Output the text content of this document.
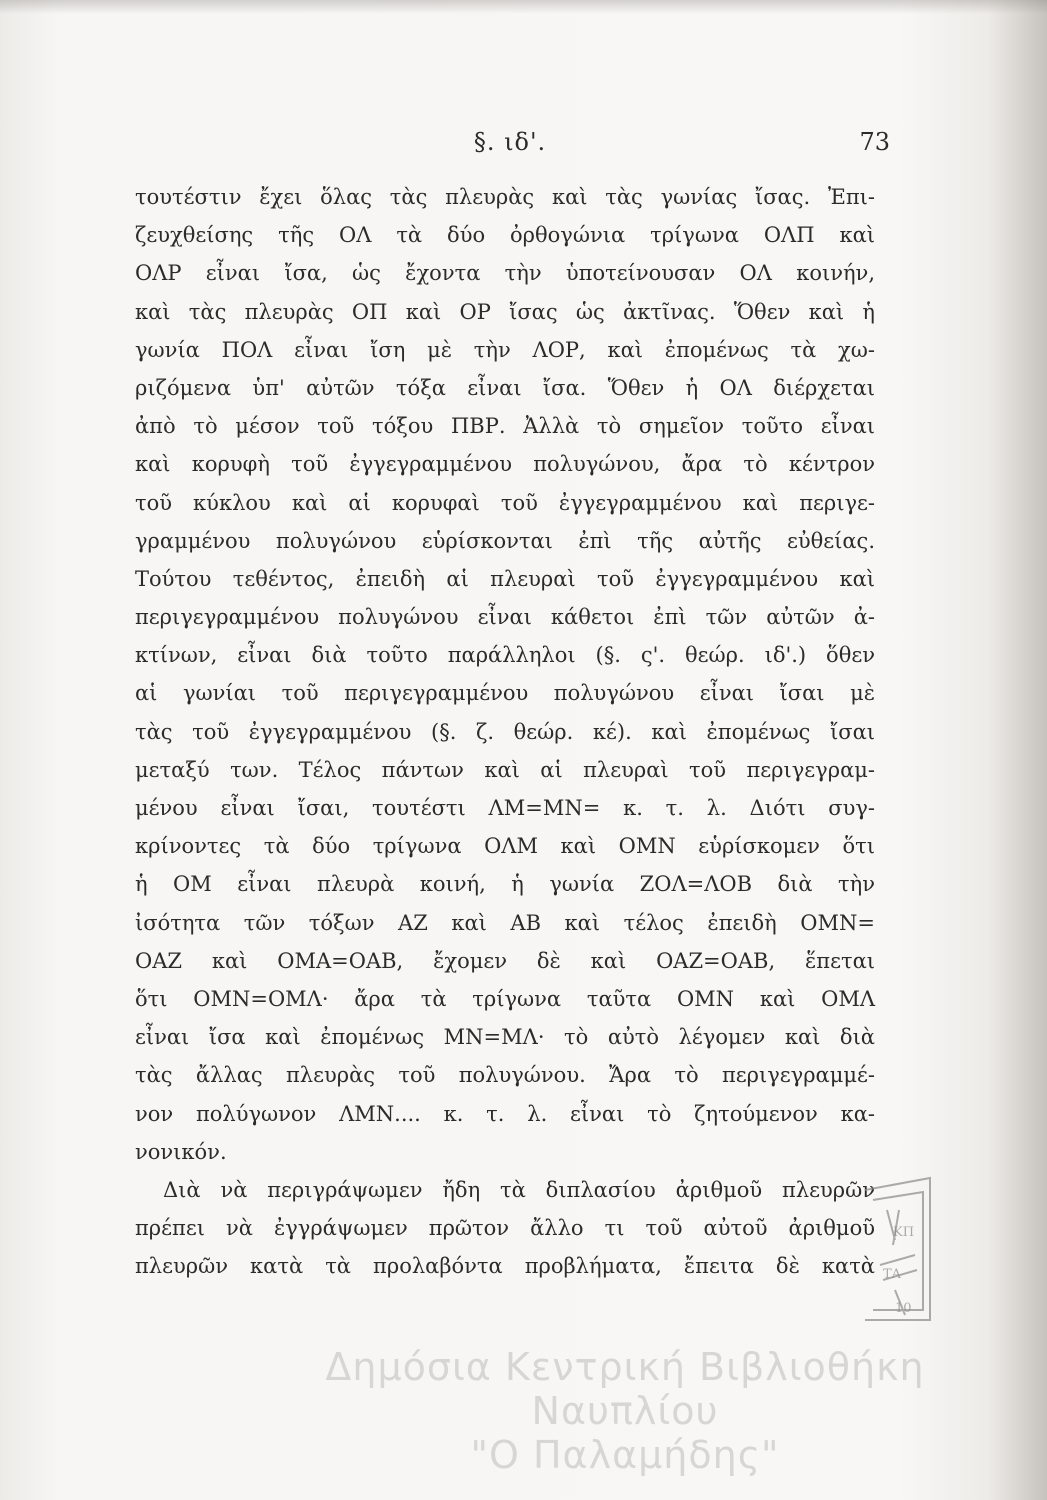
§. ιδ'.	73
τουτέστιν ἔχει ὅλας τὰς πλευρὰς καὶ τὰς γωνίας ἴσας. Ἐπι-
ζευχθείσης τῆς ΟΛ τὰ δύο ὀρθογώνια τρίγωνα ΟΛΠ καὶ
ΟΛΡ εἶναι ἴσα, ὡς ἔχοντα τὴν ὑποτείνουσαν ΟΛ κοινήν,
καὶ τὰς πλευρὰς ΟΠ καὶ ΟΡ ἴσας ὡς ἀκτῖνας. Ὅθεν καὶ ἡ
γωνία ΠΟΛ εἶναι ἴση μὲ τὴν ΛΟΡ, καὶ ἐπομένως τὰ χω-
ριζόμενα ὑπ' αὐτῶν τόξα εἶναι ἴσα. Ὅθεν ἡ ΟΛ διέρχεται
ἀπὸ τὸ μέσον τοῦ τόξου ΠΒΡ. Ἀλλὰ τὸ σημεῖον τοῦτο εἶναι
καὶ κορυφὴ τοῦ ἐγγεγραμμένου πολυγώνου, ἄρα τὸ κέντρον
τοῦ κύκλου καὶ αἱ κορυφαὶ τοῦ ἐγγεγραμμένου καὶ περιγε-
γραμμένου πολυγώνου εὑρίσκονται ἐπὶ τῆς αὐτῆς εὐθείας.
Τούτου τεθέντος, ἐπειδὴ αἱ πλευραὶ τοῦ ἐγγεγραμμένου καὶ
περιγεγραμμένου πολυγώνου εἶναι κάθετοι ἐπὶ τῶν αὐτῶν ἀ-
κτίνων, εἶναι διὰ τοῦτο παράλληλοι (§. ς'. θεώρ. ιδ'.) ὅθεν
αἱ γωνίαι τοῦ περιγεγραμμένου πολυγώνου εἶναι ἴσαι μὲ
τὰς τοῦ ἐγγεγραμμένου (§. ζ. θεώρ. κέ). καὶ ἐπομένως ἴσαι
μεταξύ των. Τέλος πάντων καὶ αἱ πλευραὶ τοῦ περιγεγραμ-
μένου εἶναι ἴσαι, τουτέστι ΛΜ=ΜΝ= κ. τ. λ. Διότι συγ-
κρίνοντες τὰ δύο τρίγωνα ΟΛΜ καὶ ΟΜΝ εὑρίσκομεν ὅτι
ἡ ΟΜ εἶναι πλευρὰ κοινή, ἡ γωνία ΖΟΛ=ΛΟΒ διὰ τὴν
ἰσότητα τῶν τόξων ΑΖ καὶ ΑΒ καὶ τέλος ἐπειδὴ ΟΜΝ=
ΟΑΖ καὶ ΟΜΑ=ΟΑΒ, ἔχομεν δὲ καὶ ΟΑΖ=ΟΑΒ, ἕπεται
ὅτι ΟΜΝ=ΟΜΛ· ἄρα τὰ τρίγωνα ταῦτα ΟΜΝ καὶ ΟΜΛ
εἶναι ἴσα καὶ ἐπομένως ΜΝ=ΜΛ· τὸ αὐτὸ λέγομεν καὶ διὰ
τὰς ἄλλας πλευρὰς τοῦ πολυγώνου. Ἄρα τὸ περιγεγραμμέ-
νον πολύγωνον ΛΜΝ.... κ. τ. λ. εἶναι τὸ ζητούμενον κα-
νονικόν.
Διὰ νὰ περιγράψωμεν ἤδη τὰ διπλασίου ἀριθμοῦ πλευρῶν
πρέπει νὰ ἐγγράψωμεν πρῶτον ἄλλο τι τοῦ αὐτοῦ ἀριθμοῦ
πλευρῶν κατὰ τὰ προλαβόντα προβλήματα, ἔπειτα δὲ κατὰ
ΚΠ
ΤΑ
10
Δημόσια Κεντρική Βιβλιοθήκη Ναυπλίου
"Ο Παλαμήδης"
